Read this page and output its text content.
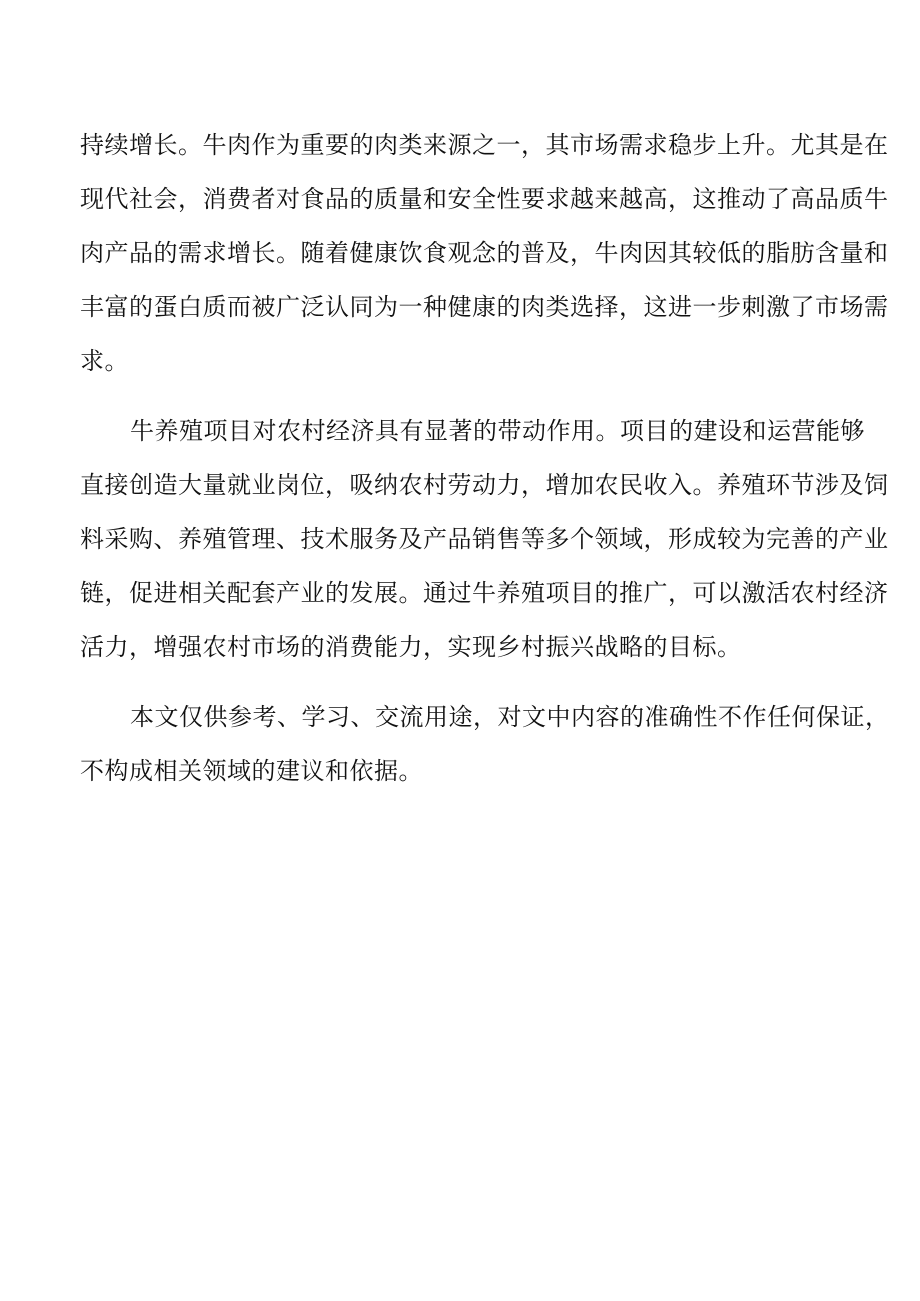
持续增长。牛肉作为重要的肉类来源之一，其市场需求稳步上升。尤其是在
现代社会，消费者对食品的质量和安全性要求越来越高，这推动了高品质牛
肉产品的需求增长。随着健康饮食观念的普及，牛肉因其较低的脂肪含量和
丰富的蛋白质而被广泛认同为一种健康的肉类选择，这进一步刺激了市场需
求。
牛养殖项目对农村经济具有显著的带动作用。项目的建设和运营能够
直接创造大量就业岗位，吸纳农村劳动力，增加农民收入。养殖环节涉及饲
料采购、养殖管理、技术服务及产品销售等多个领域，形成较为完善的产业
链，促进相关配套产业的发展。通过牛养殖项目的推广，可以激活农村经济
活力，增强农村市场的消费能力，实现乡村振兴战略的目标。
本文仅供参考、学习、交流用途，对文中内容的准确性不作任何保证，
不构成相关领域的建议和依据。
